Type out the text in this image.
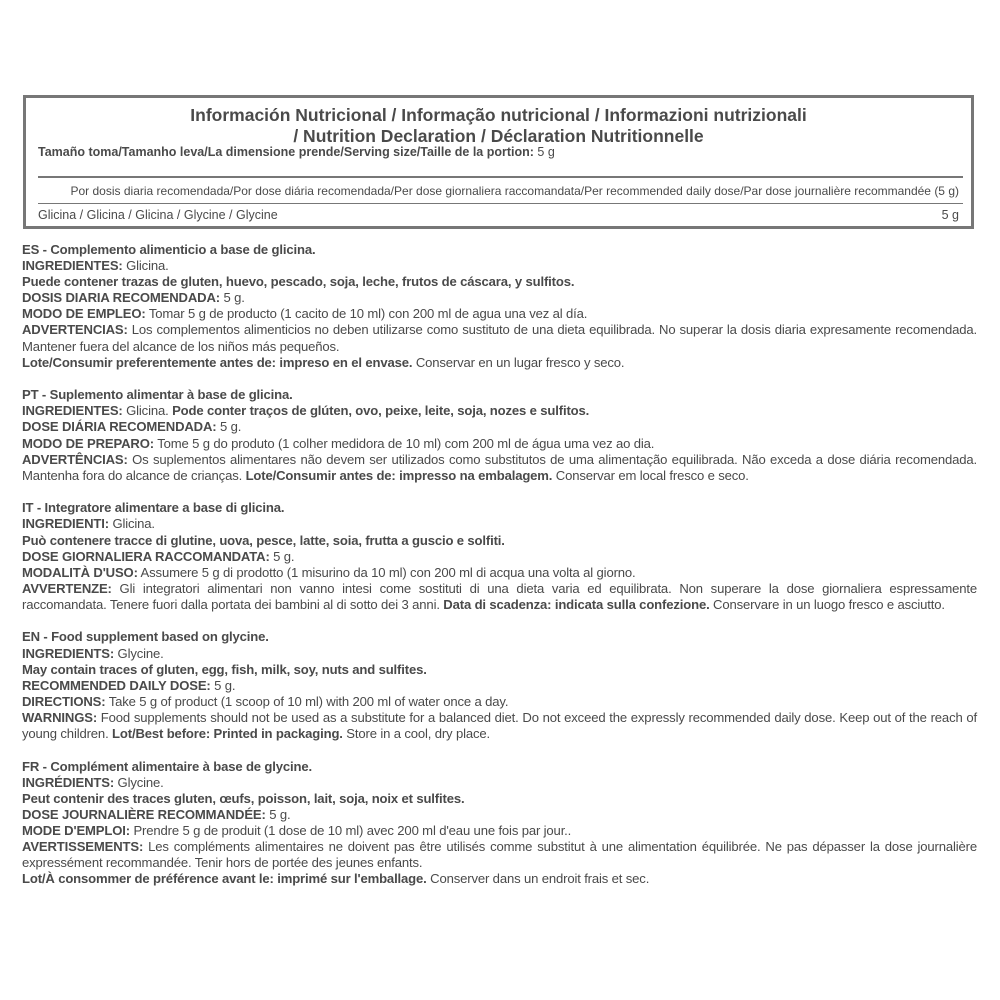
Información Nutricional / Informação nutricional / Informazioni nutrizionali
/ Nutrition Declaration / Déclaration Nutritionnelle
Tamaño toma/Tamanho leva/La dimensione prende/Serving size/Taille de la portion: 5 g
Por dosis diaria recomendada/Por dose diária recomendada/Per dose giornaliera raccomandata/Per recommended daily dose/Par dose journalière recommandée (5 g)
Glicina / Glicina / Glicina / Glycine / Glycine	5 g

ES - Complemento alimenticio a base de glicina.

INGREDIENTES: Glicina.

Puede contener trazas de gluten, huevo, pescado, soja, leche, frutos de cáscara, y sulfitos.

DOSIS DIARIA RECOMENDADA: 5 g.

MODO DE EMPLEO: Tomar 5 g de producto (1 cacito de 10 ml) con 200 ml de agua una vez al día.

ADVERTENCIAS: Los complementos alimenticios no deben utilizarse como sustituto de una dieta equilibrada. No superar la dosis diaria expresamente recomendada. Mantener fuera del alcance de los niños más pequeños.

Lote/Consumir preferentemente antes de: impreso en el envase. Conservar en un lugar fresco y seco.

PT - Suplemento alimentar à base de glicina.

INGREDIENTES: Glicina. Pode conter traços de glúten, ovo, peixe, leite, soja, nozes e sulfitos.

DOSE DIÁRIA RECOMENDADA: 5 g.

MODO DE PREPARO: Tome 5 g do produto (1 colher medidora de 10 ml) com 200 ml de água uma vez ao dia.

ADVERTÊNCIAS: Os suplementos alimentares não devem ser utilizados como substitutos de uma alimentação equilibrada. Não exceda a dose diária recomendada. Mantenha fora do alcance de crianças. Lote/Consumir antes de: impresso na embalagem. Conservar em local fresco e seco.

IT - Integratore alimentare a base di glicina.

INGREDIENTI: Glicina.

Può contenere tracce di glutine, uova, pesce, latte, soia, frutta a guscio e solfiti.

DOSE GIORNALIERA RACCOMANDATA: 5 g.

MODALITÀ D'USO: Assumere 5 g di prodotto (1 misurino da 10 ml) con 200 ml di acqua una volta al giorno.

AVVERTENZE: Gli integratori alimentari non vanno intesi come sostituti di una dieta varia ed equilibrata. Non superare la dose giornaliera espressamente raccomandata. Tenere fuori dalla portata dei bambini al di sotto dei 3 anni. Data di scadenza: indicata sulla confezione. Conservare in un luogo fresco e asciutto.

EN - Food supplement based on glycine.

INGREDIENTS: Glycine.

May contain traces of gluten, egg, fish, milk, soy, nuts and sulfites.

RECOMMENDED DAILY DOSE: 5 g.

DIRECTIONS: Take 5 g of product (1 scoop of 10 ml) with 200 ml of water once a day.

WARNINGS: Food supplements should not be used as a substitute for a balanced diet. Do not exceed the expressly recommended daily dose. Keep out of the reach of young children. Lot/Best before: Printed in packaging. Store in a cool, dry place.

FR - Complément alimentaire à base de glycine.

INGRÉDIENTS: Glycine.

Peut contenir des traces gluten, œufs, poisson, lait, soja, noix et sulfites.

DOSE JOURNALIÈRE RECOMMANDÉE: 5 g.

MODE D'EMPLOI: Prendre 5 g de produit (1 dose de 10 ml) avec 200 ml d'eau une fois par jour..

AVERTISSEMENTS: Les compléments alimentaires ne doivent pas être utilisés comme substitut à une alimentation équilibrée. Ne pas dépasser la dose journalière expressément recommandée. Tenir hors de portée des jeunes enfants.

Lot/À consommer de préférence avant le: imprimé sur l'emballage. Conserver dans un endroit frais et sec.
